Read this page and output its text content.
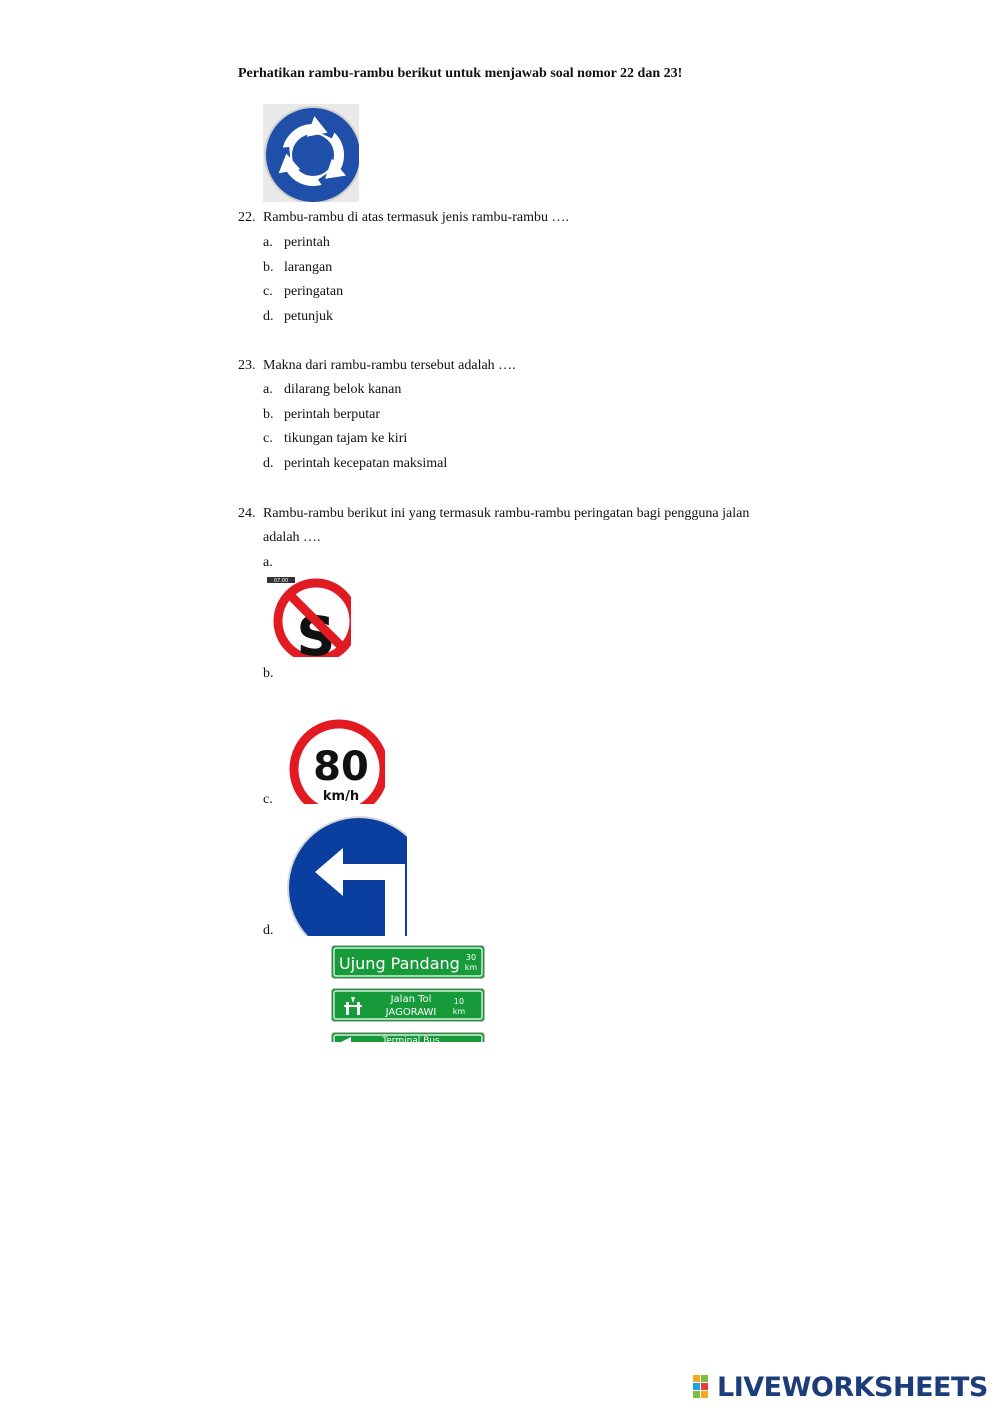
Perhatikan rambu-rambu berikut untuk menjawab soal nomor 22 dan 23!
22. Rambu-rambu di atas termasuk jenis rambu-rambu ….
a. perintah
b. larangan
c. peringatan
d. petunjuk
23. Makna dari rambu-rambu tersebut adalah ….
a. dilarang belok kanan
b. perintah berputar
c. tikungan tajam ke kiri
d. perintah kecepatan maksimal
24. Rambu-rambu berikut ini yang termasuk rambu-rambu peringatan bagi pengguna jalan
adalah ….
a.
07.00
S
b.
80
km/h
c.
d.
Ujung Pandang 30
km
Jalan Tol
JAGORAWI
10
km
Terminal Bus
LIVEWORKSHEETS
